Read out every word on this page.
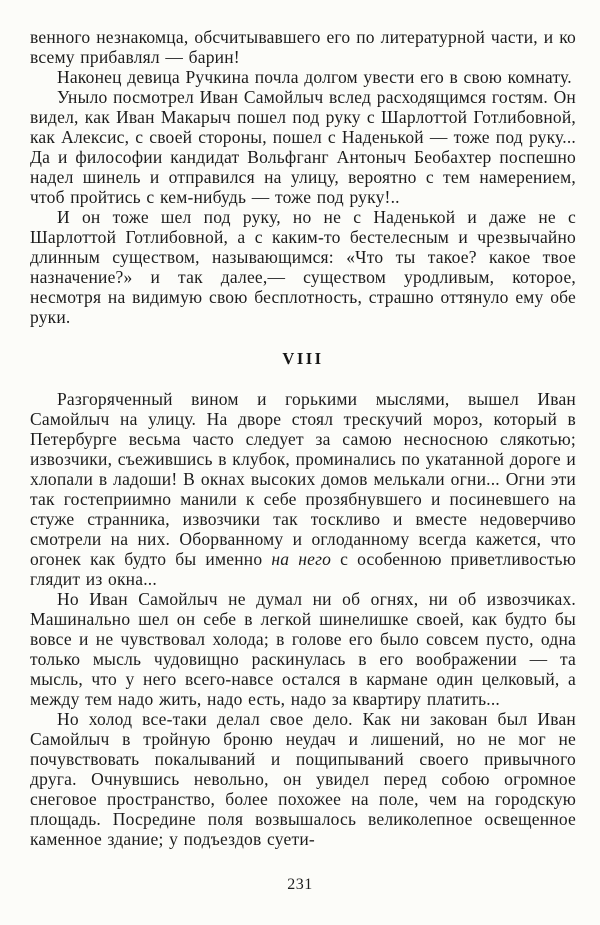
венного незнакомца, обсчитывавшего его по литературной части, и ко всему прибавлял — барин!

Наконец девица Ручкина почла долгом увести его в свою комнату.

Уныло посмотрел Иван Самойлыч вслед расходящимся гостям. Он видел, как Иван Макарыч пошел под руку с Шарлоттой Готлибовной, как Алексис, с своей стороны, пошел с Наденькой — тоже под руку... Да и философии кандидат Вольфганг Антоныч Беобахтер поспешно надел шинель и отправился на улицу, вероятно с тем намерением, чтоб пройтись с кем-нибудь — тоже под руку!..

И он тоже шел под руку, но не с Наденькой и даже не с Шарлоттой Готлибовной, а с каким-то бестелесным и чрезвычайно длинным существом, называющимся: «Что ты такое? какое твое назначение?» и так далее,— существом уродливым, которое, несмотря на видимую свою бесплотность, страшно оттянуло ему обе руки.

VIII

Разгоряченный вином и горькими мыслями, вышел Иван Самойлыч на улицу. На дворе стоял трескучий мороз, который в Петербурге весьма часто следует за самою несносною слякотью; извозчики, съежившись в клубок, проминались по укатанной дороге и хлопали в ладоши! В окнах высоких домов мелькали огни... Огни эти так гостеприимно манили к себе прозябнувшего и посиневшего на стуже странника, извозчики так тоскливо и вместе недоверчиво смотрели на них. Оборванному и оглоданному всегда кажется, что огонек как будто бы именно на него с особенною приветливостью глядит из окна...

Но Иван Самойлыч не думал ни об огнях, ни об извозчиках. Машинально шел он себе в легкой шинелишке своей, как будто бы вовсе и не чувствовал холода; в голове его было совсем пусто, одна только мысль чудовищно раскинулась в его воображении — та мысль, что у него всего-навсе остался в кармане один целковый, а между тем надо жить, надо есть, надо за квартиру платить...

Но холод все-таки делал свое дело. Как ни закован был Иван Самойлыч в тройную броню неудач и лишений, но не мог не почувствовать покалываний и пощипываний своего привычного друга. Очнувшись невольно, он увидел перед собою огромное снеговое пространство, более похожее на поле, чем на городскую площадь. Посредине поля возвышалось великолепное освещенное каменное здание; у подъездов суети-

231
